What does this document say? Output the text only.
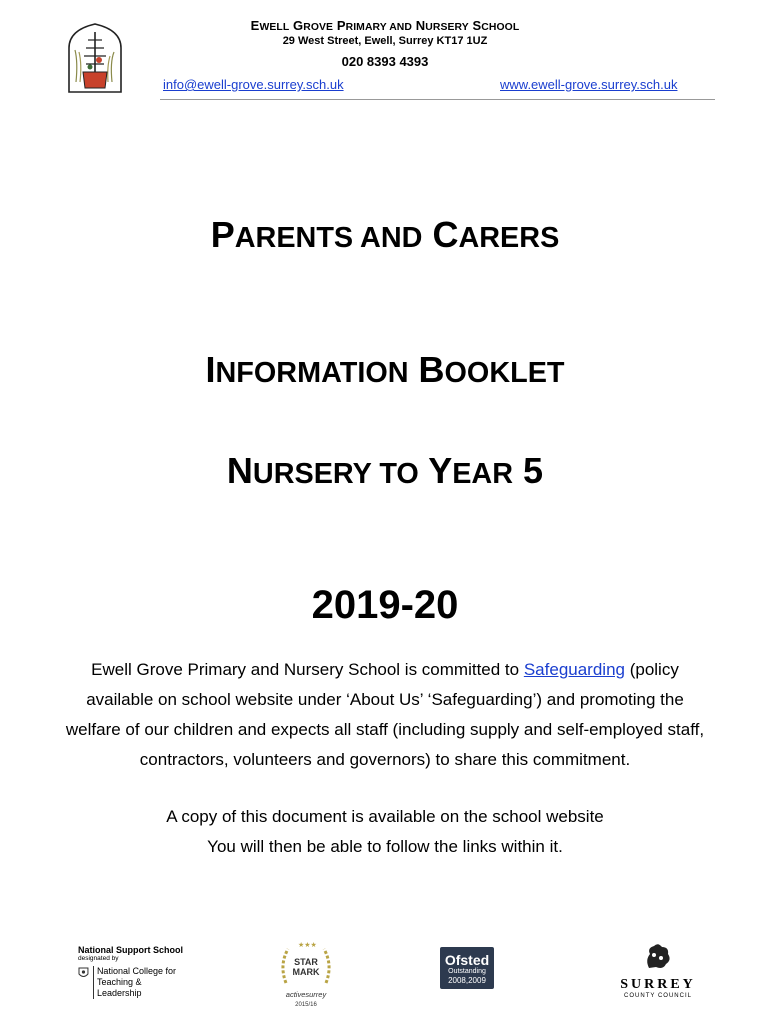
EWELL GROVE PRIMARY AND NURSERY SCHOOL
29 West Street, Ewell, Surrey KT17 1UZ
020 8393 4393
info@ewell-grove.surrey.sch.uk	www.ewell-grove.surrey.sch.uk
PARENTS AND CARERS
INFORMATION BOOKLET
NURSERY TO YEAR 5
2019-20
Ewell Grove Primary and Nursery School is committed to Safeguarding (policy
available on school website under ‘About Us’ ‘Safeguarding’) and promoting the
welfare of our children and expects all staff (including supply and self-employed staff,
contractors, volunteers and governors) to share this commitment.
A copy of this document is available on the school website
You will then be able to follow the links within it.
National Support School
designated by
National College for
Teaching & Leadership
★★★
STAR
MARK
activesurrey
2015/16
Ofsted
Outstanding
2008,2009	SURREY
COUNTY COUNCIL
